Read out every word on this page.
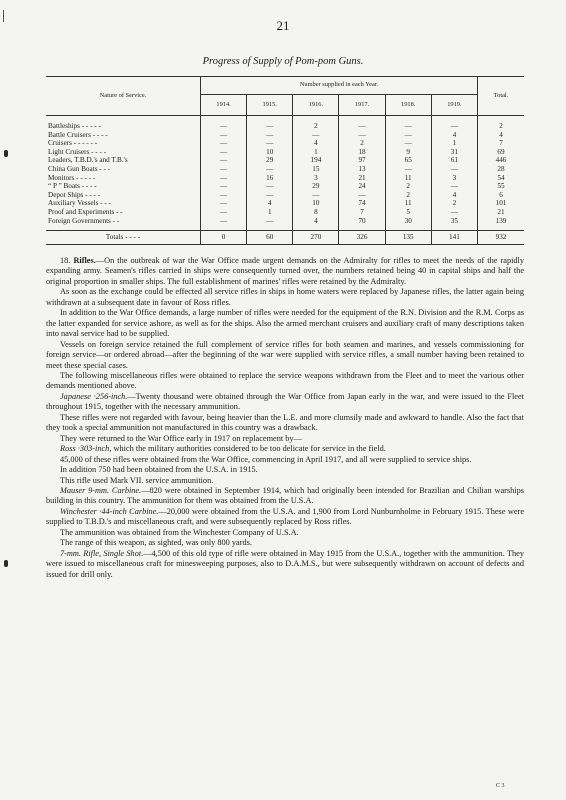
21
Progress of Supply of Pom-pom Guns.
Nature of Service.	Number supplied in each Year.						Total.
	1914.	1915.	1916.	1917.	1918.	1919.	
Battleships - - - - -	—	—	2	—	—	—	2
Battle Cruisers - - - -	—	—	—	—	—	4	4
Cruisers - - - - - -	—	—	4	2	—	1	7
Light Cruisers - - - -	—	10	1	18	9	31	69
Leaders, T.B.D.'s and T.B.'s	—	29	194	97	65	61	446
China Gun Boats - - -	—	—	15	13	—	—	28
Monitors - - - - -	—	16	3	21	11	3	54
“ P ” Boats - - - -	—	—	29	24	2	—	55
Depot Ships - - - -	—	—	—	—	2	4	6
Auxiliary Vessels - - -	—	4	10	74	11	2	101
Proof and Experiments - -	—	1	8	7	5	—	21
Foreign Governments - -	—	—	4	70	30	35	139
Totals - - - -	0	60	270	326	135	141	932

18. Rifles.—On the outbreak of war the War Office made urgent demands on the Admiralty for rifles to meet the needs of the rapidly expanding army. Seamen's rifles carried in ships were consequently turned over, the numbers retained being 40 in capital ships and half the original proportion in smaller ships. The full establishment of marines' rifles were retained by the Admiralty.

As soon as the exchange could be effected all service rifles in ships in home waters were replaced by Japanese rifles, the latter again being withdrawn at a subsequent date in favour of Ross rifles.

In addition to the War Office demands, a large number of rifles were needed for the equipment of the R.N. Division and the R.M. Corps as the latter expanded for service ashore, as well as for the ships. Also the armed merchant cruisers and auxiliary craft of many descriptions taken into naval service had to be supplied.

Vessels on foreign service retained the full complement of service rifles for both seamen and marines, and vessels commissioning for foreign service—or ordered abroad—after the beginning of the war were supplied with service rifles, a small number having been retained to meet these special cases.

The following miscellaneous rifles were obtained to replace the service weapons withdrawn from the Fleet and to meet the various other demands mentioned above.

Japanese ·256-inch.—Twenty thousand were obtained through the War Office from Japan early in the war, and were issued to the Fleet throughout 1915, together with the necessary ammunition.

These rifles were not regarded with favour, being heavier than the L.E. and more clumsily made and awkward to handle. Also the fact that they took a special ammunition not manufactured in this country was a drawback.

They were returned to the War Office early in 1917 on replacement by—

Ross ·303-inch, which the military authorities considered to be too delicate for service in the field.

45,000 of these rifles were obtained from the War Office, commencing in April 1917, and all were supplied to service ships.

In addition 750 had been obtained from the U.S.A. in 1915.

This rifle used Mark VII. service ammunition.

Mauser 9-mm. Carbine.—820 were obtained in September 1914, which had originally been intended for Brazilian and Chilian warships building in this country. The ammunition for them was obtained from the U.S.A.

Winchester ·44-inch Carbine.—20,000 were obtained from the U.S.A. and 1,900 from Lord Nunburnholme in February 1915. These were supplied to T.B.D.'s and miscellaneous craft, and were subsequently replaced by Ross rifles.

The ammunition was obtained from the Winchester Company of U.S.A.

The range of this weapon, as sighted, was only 800 yards.

7-mm. Rifle, Single Shot.—4,500 of this old type of rifle were obtained in May 1915 from the U.S.A., together with the ammunition. They were issued to miscellaneous craft for minesweeping purposes, also to D.A.M.S., but were subsequently withdrawn on account of defects and issued for drill only.

C 3
